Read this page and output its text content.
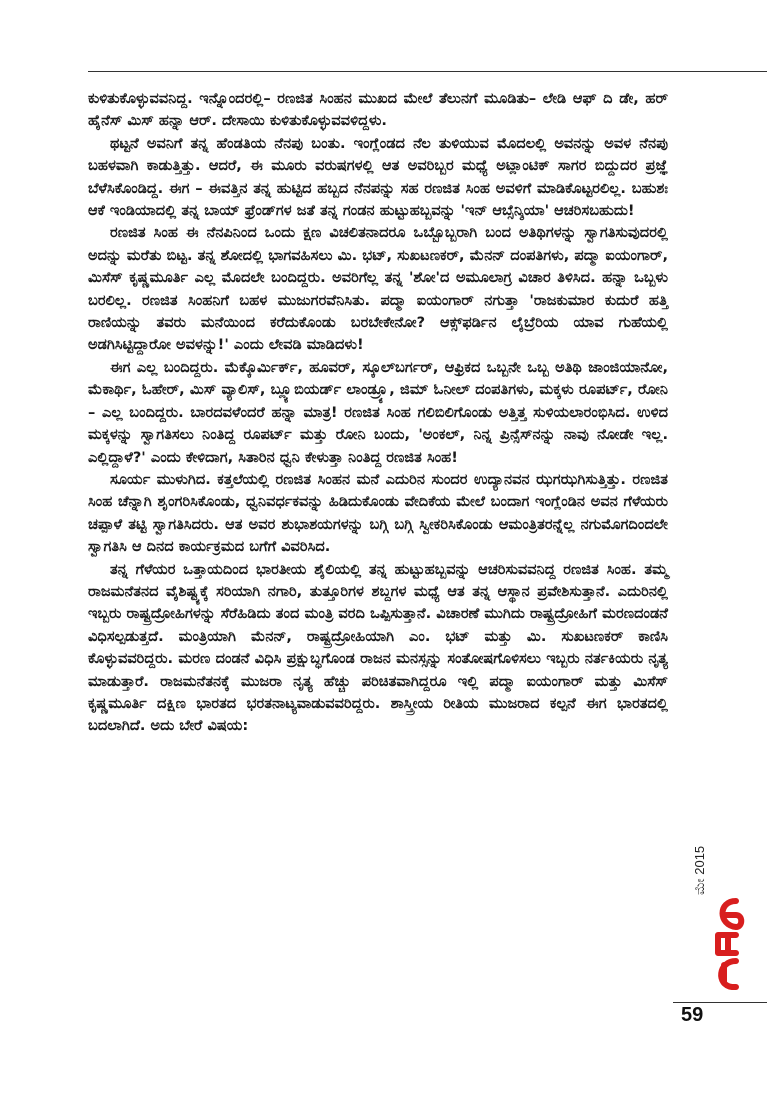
ಕುಳಿತುಕೊಳ್ಳುವವನಿದ್ದ. ಇನ್ನೊಂದರಲ್ಲಿ– ರಣಜಿತ ಸಿಂಹನ ಮುಖದ ಮೇಲೆ ತೆಲುನಗೆ ಮೂಡಿತು– ಲೇಡಿ ಆಫ್ ದಿ ಡೇ, ಹರ್ ಹೈನೆಸ್ ಮಿಸ್ ಹನ್ನಾ ಆರ್. ದೇಸಾಯಿ ಕುಳಿತುಕೊಳ್ಳುವವಳಿದ್ದಳು.

ಥಟ್ಟನೆ ಅವನಿಗೆ ತನ್ನ ಹೆಂಡತಿಯ ನೆನಪು ಬಂತು. ಇಂಗ್ಲೆಂಡದ ನೆಲ ತುಳಿಯುವ ಮೊದಲಲ್ಲಿ ಅವನನ್ನು ಅವಳ ನೆನಪು ಬಹಳವಾಗಿ ಕಾಡುತ್ತಿತ್ತು. ಆದರೆ, ಈ ಮೂರು ವರುಷಗಳಲ್ಲಿ ಆತ ಅವರಿಬ್ಬರ ಮಧ್ಯೆ ಅಟ್ಲಾಂಟಿಕ್ ಸಾಗರ ಬಿದ್ದುದರ ಪ್ರಜ್ಞೆ ಬೆಳೆಸಿಕೊಂಡಿದ್ದ. ಈಗ – ಈವತ್ತಿನ ತನ್ನ ಹುಟ್ಟಿದ ಹಬ್ಬದ ನೆನಪನ್ನು ಸಹ ರಣಜಿತ ಸಿಂಹ ಅವಳಿಗೆ ಮಾಡಿಕೊಟ್ಟರಲಿಲ್ಲ. ಬಹುಶಃ ಆಕೆ ಇಂಡಿಯಾದಲ್ಲಿ ತನ್ನ ಬಾಯ್ ಫ್ರೆಂಡ್‌ಗಳ ಜತೆ ತನ್ನ ಗಂಡನ ಹುಟ್ಟುಹಬ್ಬವನ್ನು 'ಇನ್ ಆಬ್ಸೆನ್ಶಿಯಾ' ಆಚರಿಸಬಹುದು!

ರಣಜಿತ ಸಿಂಹ ಈ ನೆನಪಿನಿಂದ ಒಂದು ಕ್ಷಣ ವಿಚಲಿತನಾದರೂ ಒಬ್ಬೊಬ್ಬರಾಗಿ ಬಂದ ಅತಿಥಿಗಳನ್ನು ಸ್ವಾಗತಿಸುವುದರಲ್ಲಿ ಅದನ್ನು ಮರೆತು ಬಿಟ್ಟ. ತನ್ನ ಶೋದಲ್ಲಿ ಭಾಗವಹಿಸಲು ಮಿ. ಭಟ್, ಸುಖಟಣಕರ್, ಮೆನನ್ ದಂಪತಿಗಳು, ಪದ್ಮಾ ಐಯಂಗಾರ್, ಮಿಸೆಸ್ ಕೃಷ್ಣಮೂರ್ತಿ ಎಲ್ಲ ಮೊದಲೇ ಬಂದಿದ್ದರು. ಅವರಿಗೆಲ್ಲ ತನ್ನ 'ಶೋ'ದ ಅಮೂಲಾಗ್ರ ವಿಚಾರ ತಿಳಿಸಿದ. ಹನ್ನಾ ಒಬ್ಬಳು ಬರಲಿಲ್ಲ. ರಣಜಿತ ಸಿಂಹನಿಗೆ ಬಹಳ ಮುಜುಗರವೆನಿಸಿತು. ಪದ್ಮಾ ಐಯಂಗಾರ್ ನಗುತ್ತಾ 'ರಾಜಕುಮಾರ ಕುದುರೆ ಹತ್ತಿ ರಾಣಿಯನ್ನು ತವರು ಮನೆಯಿಂದ ಕರೆದುಕೊಂಡು ಬರಬೇಕೇನೋ? ಆಕ್ಸ್‌ಫರ್ಡಿನ ಲೈಬ್ರೆರಿಯ ಯಾವ ಗುಹೆಯಲ್ಲಿ ಅಡಗಿಸಿಟ್ಟಿದ್ದಾರೋ ಅವಳನ್ನು!' ಎಂದು ಲೇವಡಿ ಮಾಡಿದಳು!

ಈಗ ಎಲ್ಲ ಬಂದಿದ್ದರು. ಮೆಕ್ಕೊರ್ಮಿರ್ಕ್, ಹೂವರ್, ಸ್ಕೂಲ್‌ಬರ್ಗರ್, ಆಫ್ರಿಕದ ಒಬ್ಬನೇ ಒಬ್ಬ ಅತಿಥಿ ಜಾಂಜಿಯಾನೋ, ಮೆಕಾರ್ಥಿ, ಓಹೇರ್, ಮಿಸ್ ವ್ಯಾಲಿಸ್, ಬ್ಲ್ಯೂಬಿಯರ್ಡ್ ಲಾಂಡ್ರ್ಯೂ, ಜಿಮ್ ಓನೀಲ್ ದಂಪತಿಗಳು, ಮಕ್ಕಳು ರೂಪರ್ಟ್, ರೋನಿ – ಎಲ್ಲ ಬಂದಿದ್ದರು. ಬಾರದವಳೆಂದರೆ ಹನ್ನಾ ಮಾತ್ರ! ರಣಜಿತ ಸಿಂಹ ಗಲಿಬಿಲಿಗೊಂಡು ಅತ್ತಿತ್ತ ಸುಳಿಯಲಾರಂಭಿಸಿದ. ಉಳಿದ ಮಕ್ಕಳನ್ನು ಸ್ವಾಗತಿಸಲು ನಿಂತಿದ್ದ ರೂಪರ್ಟ್ ಮತ್ತು ರೋನಿ ಬಂದು, 'ಅಂಕಲ್, ನಿನ್ನ ಪ್ರಿನ್ಸೆಸ್‌ನನ್ನು ನಾವು ನೋಡೇ ಇಲ್ಲ. ಎಲ್ಲಿದ್ದಾಳೆ?' ಎಂದು ಕೇಳಿದಾಗ, ಸಿತಾರಿನ ಧ್ವನಿ ಕೇಳುತ್ತಾ ನಿಂತಿದ್ದ ರಣಜಿತ ಸಿಂಹ!

ಸೂರ್ಯ ಮುಳುಗಿದ. ಕತ್ತಲೆಯಲ್ಲಿ ರಣಜಿತ ಸಿಂಹನ ಮನೆ ಎದುರಿನ ಸುಂದರ ಉದ್ಯಾನವನ ಝಗಝಗಿಸುತ್ತಿತ್ತು. ರಣಜಿತ ಸಿಂಹ ಚೆನ್ನಾಗಿ ಶೃಂಗರಿಸಿಕೊಂಡು, ಧ್ವನಿವರ್ಧಕವನ್ನು ಹಿಡಿದುಕೊಂಡು ವೇದಿಕೆಯ ಮೇಲೆ ಬಂದಾಗ ಇಂಗ್ಲೆಂಡಿನ ಅವನ ಗೆಳೆಯರು ಚಪ್ಪಾಳೆ ತಟ್ಟಿ ಸ್ವಾಗತಿಸಿದರು. ಆತ ಅವರ ಶುಭಾಶಯಗಳನ್ನು ಬಗ್ಗಿ ಬಗ್ಗಿ ಸ್ವೀಕರಿಸಿಕೊಂಡು ಆಮಂತ್ರಿತರನ್ನೆಲ್ಲ ನಗುಮೊಗದಿಂದಲೇ ಸ್ವಾಗತಿಸಿ ಆ ದಿನದ ಕಾರ್ಯಕ್ರಮದ ಬಗೆಗೆ ವಿವರಿಸಿದ.

ತನ್ನ ಗೆಳೆಯರ ಒತ್ತಾಯದಿಂದ ಭಾರತೀಯ ಶೈಲಿಯಲ್ಲಿ ತನ್ನ ಹುಟ್ಟುಹಬ್ಬವನ್ನು ಆಚರಿಸುವವನಿದ್ದ ರಣಜಿತ ಸಿಂಹ. ತಮ್ಮ ರಾಜಮನೆತನದ ವೈಶಿಷ್ಟ್ಯಕ್ಕೆ ಸರಿಯಾಗಿ ನಗಾರಿ, ತುತ್ತೂರಿಗಳ ಶಬ್ದಗಳ ಮಧ್ಯೆ ಆತ ತನ್ನ ಆಸ್ಥಾನ ಪ್ರವೇಶಿಸುತ್ತಾನೆ. ಎದುರಿನಲ್ಲಿ ಇಬ್ಬರು ರಾಷ್ಟ್ರದ್ರೋಹಿಗಳನ್ನು ಸೆರೆಹಿಡಿದು ತಂದ ಮಂತ್ರಿ ವರದಿ ಒಪ್ಪಿಸುತ್ತಾನೆ. ವಿಚಾರಣೆ ಮುಗಿದು ರಾಷ್ಟ್ರದ್ರೋಹಿಗೆ ಮರಣದಂಡನೆ ವಿಧಿಸಲ್ಪಡುತ್ತದೆ. ಮಂತ್ರಿಯಾಗಿ ಮೆನನ್, ರಾಷ್ಟ್ರದ್ರೋಹಿಯಾಗಿ ಎಂ. ಭಟ್ ಮತ್ತು ಮಿ. ಸುಖಟಣಕರ್ ಕಾಣಿಸಿ ಕೊಳ್ಳುವವರಿದ್ದರು. ಮರಣ ದಂಡನೆ ವಿಧಿಸಿ ಪ್ರಕ್ಷುಬ್ಧಗೊಂಡ ರಾಜನ ಮನಸ್ಸನ್ನು ಸಂತೋಷಗೊಳಿಸಲು ಇಬ್ಬರು ನರ್ತಕಿಯರು ನೃತ್ಯ ಮಾಡುತ್ತಾರೆ. ರಾಜಮನೆತನಕ್ಕೆ ಮುಜರಾ ನೃತ್ಯ ಹೆಚ್ಚು ಪರಿಚಿತವಾಗಿದ್ದರೂ ಇಲ್ಲಿ ಪದ್ಮಾ ಐಯಂಗಾರ್ ಮತ್ತು ಮಿಸೆಸ್ ಕೃಷ್ಣಮೂರ್ತಿ ದಕ್ಷಿಣ ಭಾರತದ ಭರತನಾಟ್ಯವಾಡುವವರಿದ್ದರು. ಶಾಸ್ತ್ರೀಯ ರೀತಿಯ ಮುಜರಾದ ಕಲ್ಪನೆ ಈಗ ಭಾರತದಲ್ಲಿ ಬದಲಾಗಿದೆ. ಅದು ಬೇರೆ ವಿಷಯ:

ಮೇ 2015
59
